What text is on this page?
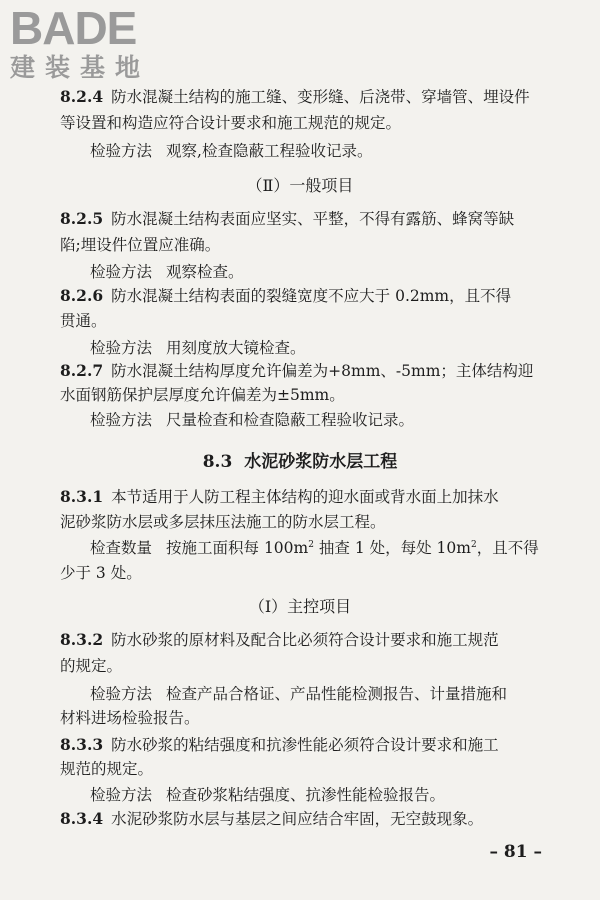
BADE
建装基地
8.2.4 防水混凝土结构的施工缝、变形缝、后浇带、穿墙管、埋设件
等设置和构造应符合设计要求和施工规范的规定。
检验方法 观察,检查隐蔽工程验收记录。
（Ⅱ）一般项目
8.2.5 防水混凝土结构表面应坚实、平整，不得有露筋、蜂窝等缺
陷;埋设件位置应准确。
检验方法 观察检查。
8.2.6 防水混凝土结构表面的裂缝宽度不应大于 0.2mm，且不得
贯通。
检验方法 用刻度放大镜检查。
8.2.7 防水混凝土结构厚度允许偏差为+8mm、-5mm；主体结构迎
水面钢筋保护层厚度允许偏差为±5mm。
检验方法 尺量检查和检查隐蔽工程验收记录。
8.3 水泥砂浆防水层工程
8.3.1 本节适用于人防工程主体结构的迎水面或背水面上加抹水
泥砂浆防水层或多层抹压法施工的防水层工程。
检查数量 按施工面积每 $100m^2$ 抽查 1 处，每处 $10m^2$，且不得
少于 3 处。
（Ⅰ）主控项目
8.3.2 防水砂浆的原材料及配合比必须符合设计要求和施工规范
的规定。
检验方法 检查产品合格证、产品性能检测报告、计量措施和
材料进场检验报告。
8.3.3 防水砂浆的粘结强度和抗渗性能必须符合设计要求和施工
规范的规定。
检验方法 检查砂浆粘结强度、抗渗性能检验报告。
8.3.4 水泥砂浆防水层与基层之间应结合牢固，无空鼓现象。
– 81 –
